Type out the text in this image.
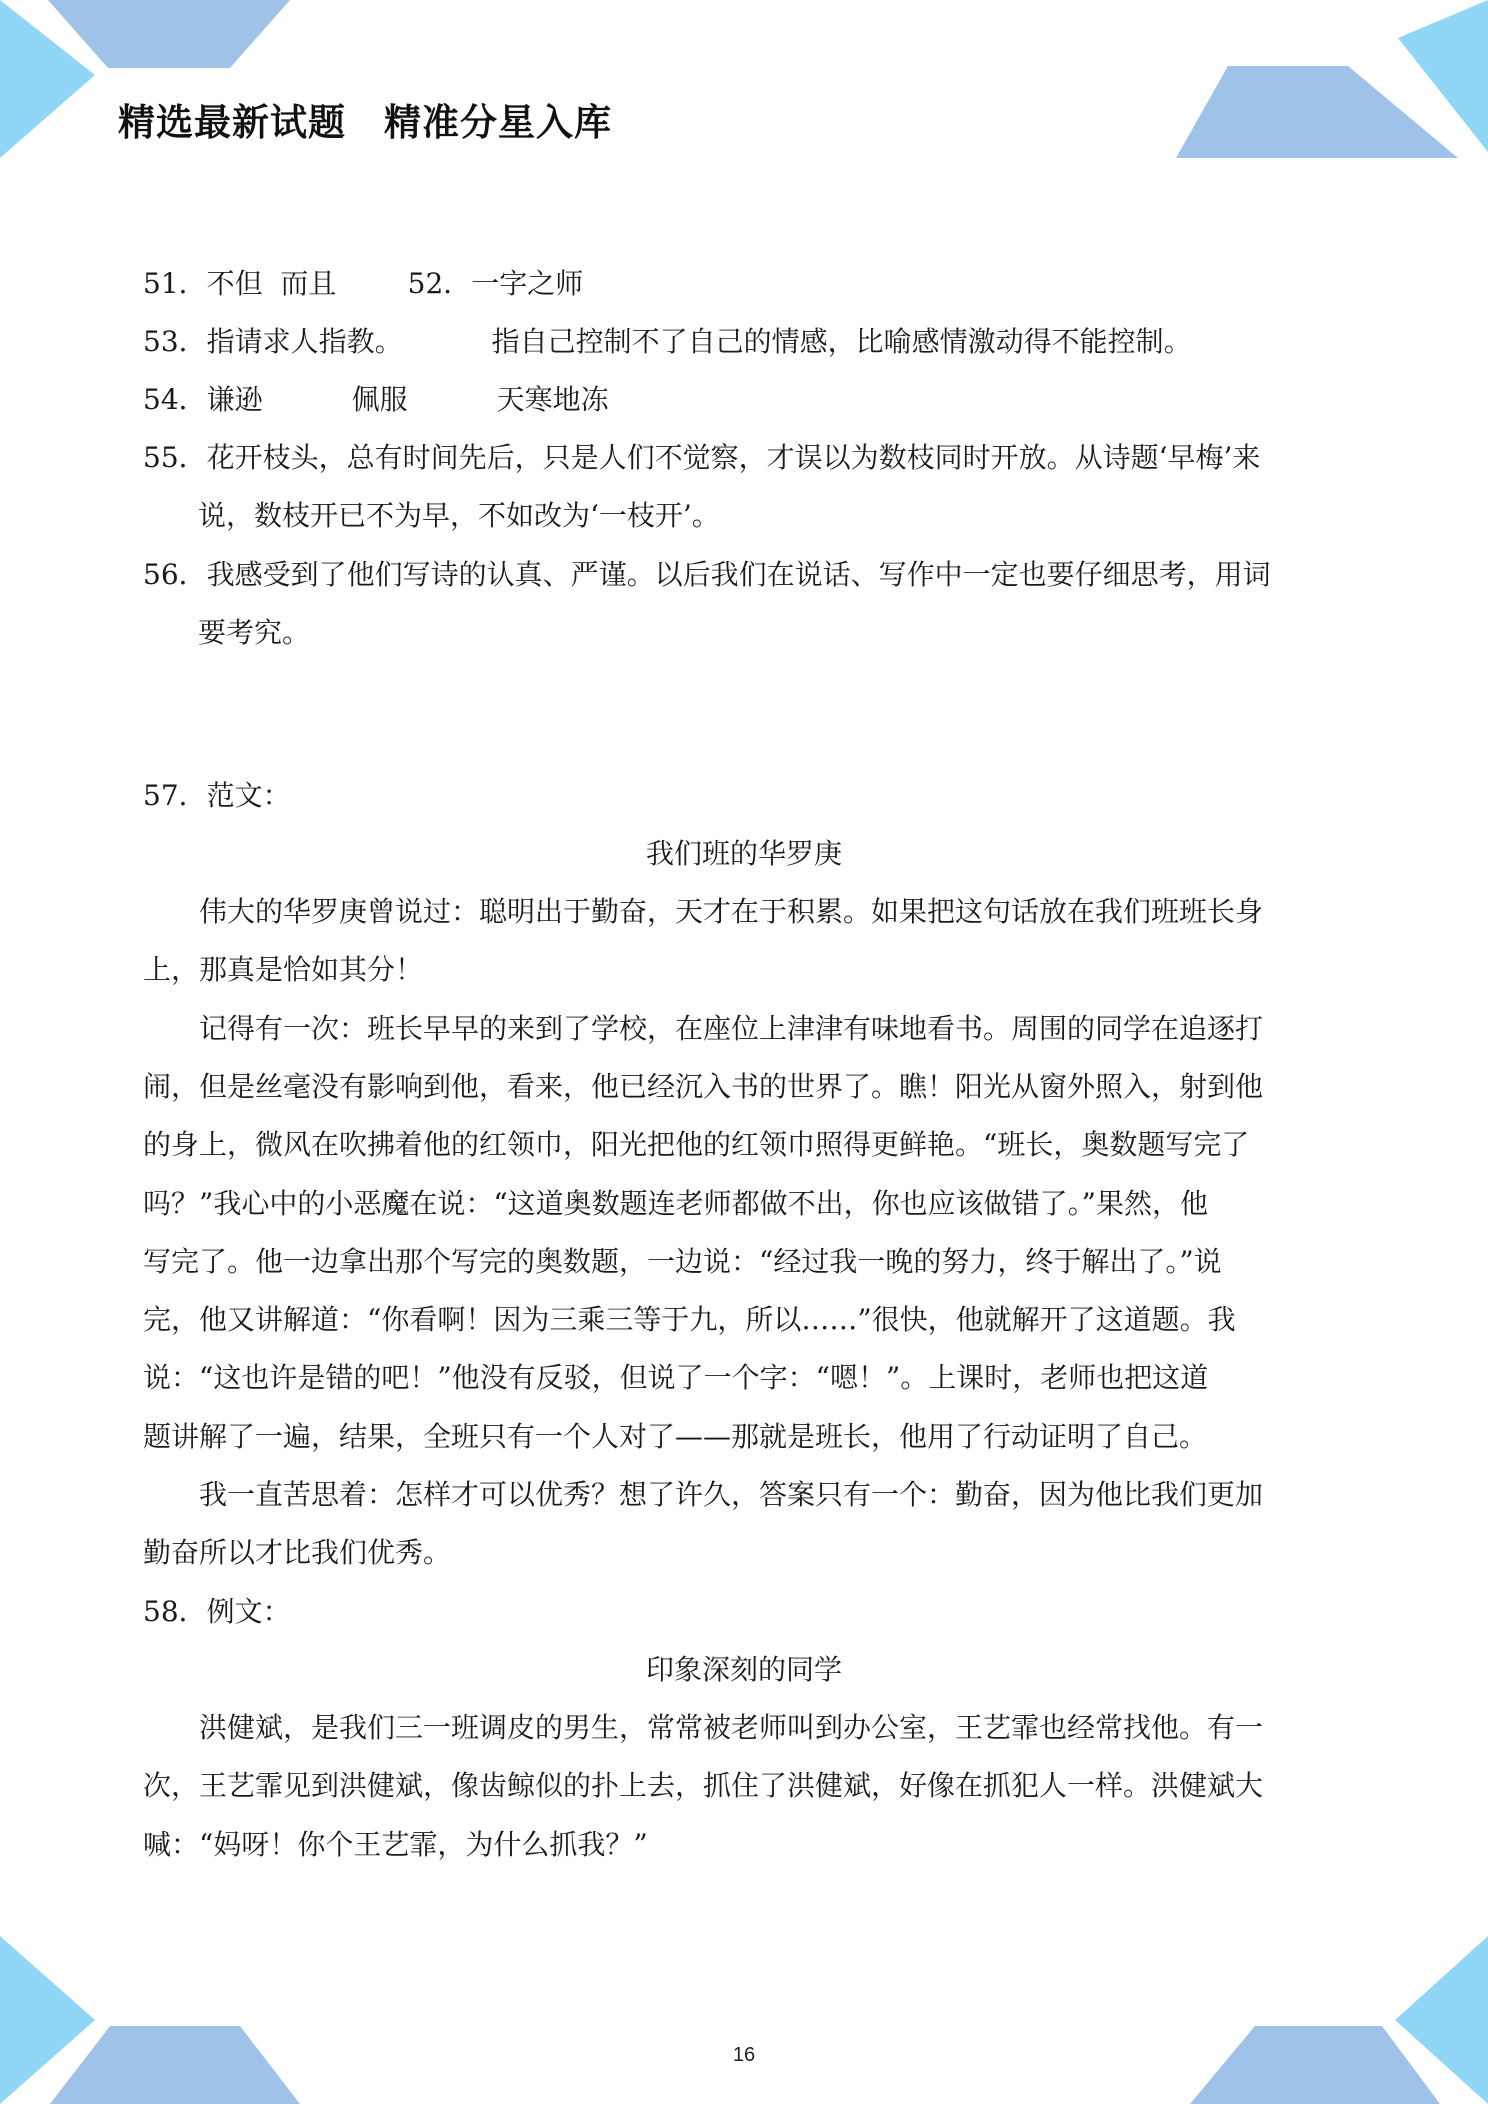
精选最新试题　精准分星入库
51．不但  而且        52．一字之师
53．指请求人指教。          指自己控制不了自己的情感，比喻感情激动得不能控制。
54．谦逊          佩服          天寒地冻
55．花开枝头，总有时间先后，只是人们不觉察，才误以为数枝同时开放。从诗题‘早梅’来
说，数枝开已不为早，不如改为‘一枝开’。
56．我感受到了他们写诗的认真、严谨。以后我们在说话、写作中一定也要仔细思考，用词
要考究。
57．范文：
我们班的华罗庚
　　伟大的华罗庚曾说过：聪明出于勤奋，天才在于积累。如果把这句话放在我们班班长身
上，那真是恰如其分！
　　记得有一次：班长早早的来到了学校，在座位上津津有味地看书。周围的同学在追逐打
闹，但是丝毫没有影响到他，看来，他已经沉入书的世界了。瞧！阳光从窗外照入，射到他
的身上，微风在吹拂着他的红领巾，阳光把他的红领巾照得更鲜艳。“班长，奥数题写完了
吗？”我心中的小恶魔在说：“这道奥数题连老师都做不出，你也应该做错了。”果然，他
写完了。他一边拿出那个写完的奥数题，一边说：“经过我一晚的努力，终于解出了。”说
完，他又讲解道：“你看啊！因为三乘三等于九，所以……”很快，他就解开了这道题。我
说：“这也许是错的吧！”他没有反驳，但说了一个字：“嗯！”。上课时，老师也把这道
题讲解了一遍，结果，全班只有一个人对了——那就是班长，他用了行动证明了自己。
　　我一直苦思着：怎样才可以优秀？想了许久，答案只有一个：勤奋，因为他比我们更加
勤奋所以才比我们优秀。
58．例文：
印象深刻的同学
　　洪健斌，是我们三一班调皮的男生，常常被老师叫到办公室，王艺霏也经常找他。有一
次，王艺霏见到洪健斌，像齿鲸似的扑上去，抓住了洪健斌，好像在抓犯人一样。洪健斌大
喊：“妈呀！你个王艺霏，为什么抓我？”
16
